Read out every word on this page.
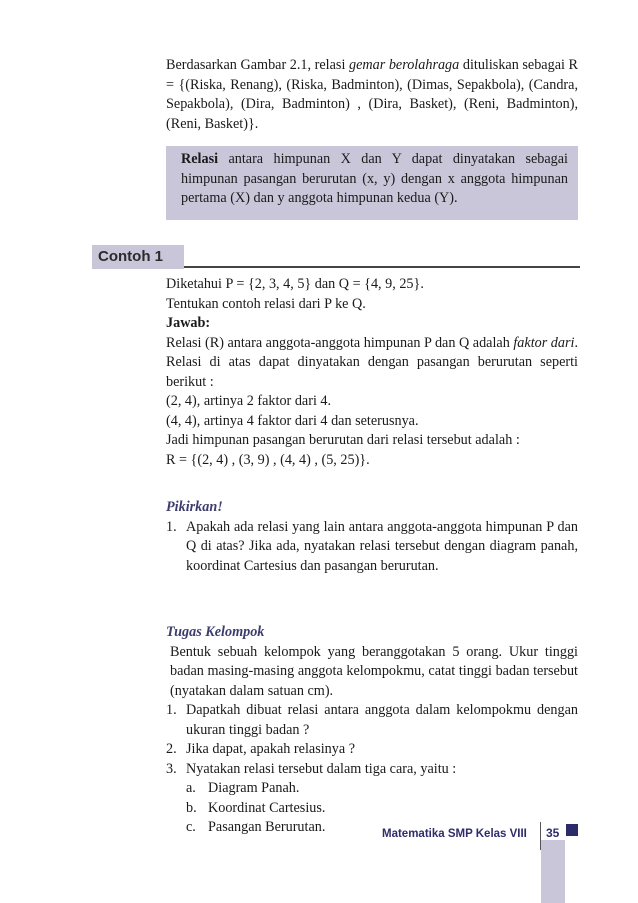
Berdasarkan Gambar 2.1, relasi gemar berolahraga dituliskan sebagai R = {(Riska, Renang), (Riska, Badminton), (Dimas, Sepakbola), (Candra, Sepakbola), (Dira, Badminton) , (Dira, Basket), (Reni, Badminton), (Reni, Basket)}.
Relasi antara himpunan X dan Y dapat dinyatakan sebagai himpunan pasangan berurutan (x, y) dengan x anggota himpunan pertama (X) dan y anggota himpunan kedua (Y).
Contoh 1

Diketahui P = {2, 3, 4, 5} dan Q = {4, 9, 25}.

Tentukan contoh relasi dari P ke Q.

Jawab:

Relasi (R) antara anggota-anggota himpunan P dan Q adalah faktor dari.

Relasi di atas dapat dinyatakan dengan pasangan berurutan seperti berikut :

(2, 4), artinya 2 faktor dari 4.

(4, 4), artinya 4 faktor dari 4 dan seterusnya.

Jadi himpunan pasangan berurutan dari relasi tersebut adalah :

R = {(2, 4) , (3, 9) , (4, 4) , (5, 25)}.

Pikirkan!
1. Apakah ada relasi yang lain antara anggota-anggota himpunan P dan Q di atas? Jika ada, nyatakan relasi tersebut dengan diagram panah, koordinat Cartesius dan pasangan berurutan.
Tugas Kelompok
Bentuk sebuah kelompok yang beranggotakan 5 orang. Ukur tinggi badan masing-masing anggota kelompokmu, catat tinggi badan tersebut (nyatakan dalam satuan cm).
1. Dapatkah dibuat relasi antara anggota dalam kelompokmu dengan ukuran tinggi badan ?
2. Jika dapat, apakah relasinya ?
3. Nyatakan relasi tersebut dalam tiga cara, yaitu :
a. Diagram Panah.
b. Koordinat Cartesius.
c. Pasangan Berurutan.	Matematika SMP Kelas VIII 35
